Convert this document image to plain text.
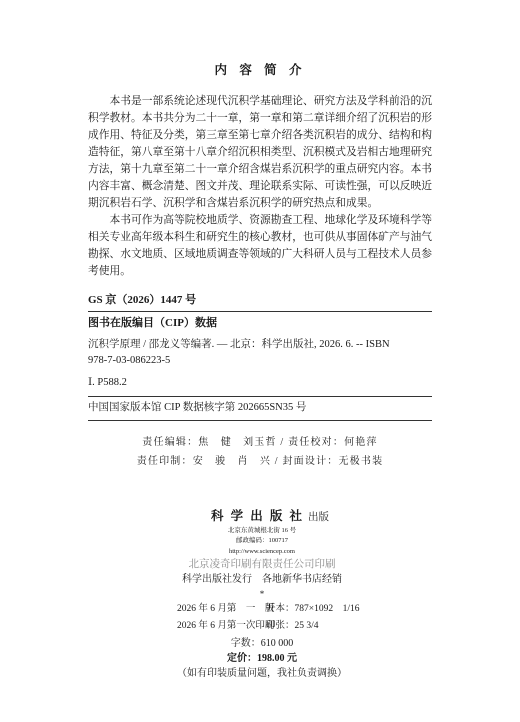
内 容 简 介
本书是一部系统论述现代沉积学基础理论、研究方法及学科前沿的沉
积学教材。本书共分为二十一章，第一章和第二章详细介绍了沉积岩的形
成作用、特征及分类，第三章至第七章介绍各类沉积岩的成分、结构和构
造特征，第八章至第十八章介绍沉积相类型、沉积模式及岩相古地理研究
方法，第十九章至第二十一章介绍含煤岩系沉积学的重点研究内容。本书
内容丰富、概念清楚、图文并茂、理论联系实际、可读性强，可以反映近
期沉积岩石学、沉积学和含煤岩系沉积学的研究热点和成果。
本书可作为高等院校地质学、资源勘查工程、地球化学及环境科学等
相关专业高年级本科生和研究生的核心教材，也可供从事固体矿产与油气
勘探、水文地质、区域地质调查等领域的广大科研人员与工程技术人员参
考使用。
GS 京（2026）1447 号
图书在版编目（CIP）数据
沉积学原理 / 邵龙义等编著. — 北京：科学出版社, 2026. 6. -- ISBN
978-7-03-086223-5
Ⅰ. P588.2
中国国家版本馆 CIP 数据核字第 202665SN35 号
责任编辑：焦　健　刘玉哲 / 责任校对：何艳萍
责任印制：安　骏　肖　兴 / 封面设计：无极书装
科 学 出 版 社 出版
北京东黄城根北街 16 号
邮政编码：100717
http://www.sciencep.com
北京凌奇印刷有限责任公司印刷
科学出版社发行　各地新华书店经销
*
2026 年 6 月第　一　版
开本：787×1092　1/16
2026 年 6 月第一次印刷
印张：25 3/4
字数：610 000
定价：198.00 元
（如有印装质量问题，我社负责调换）
